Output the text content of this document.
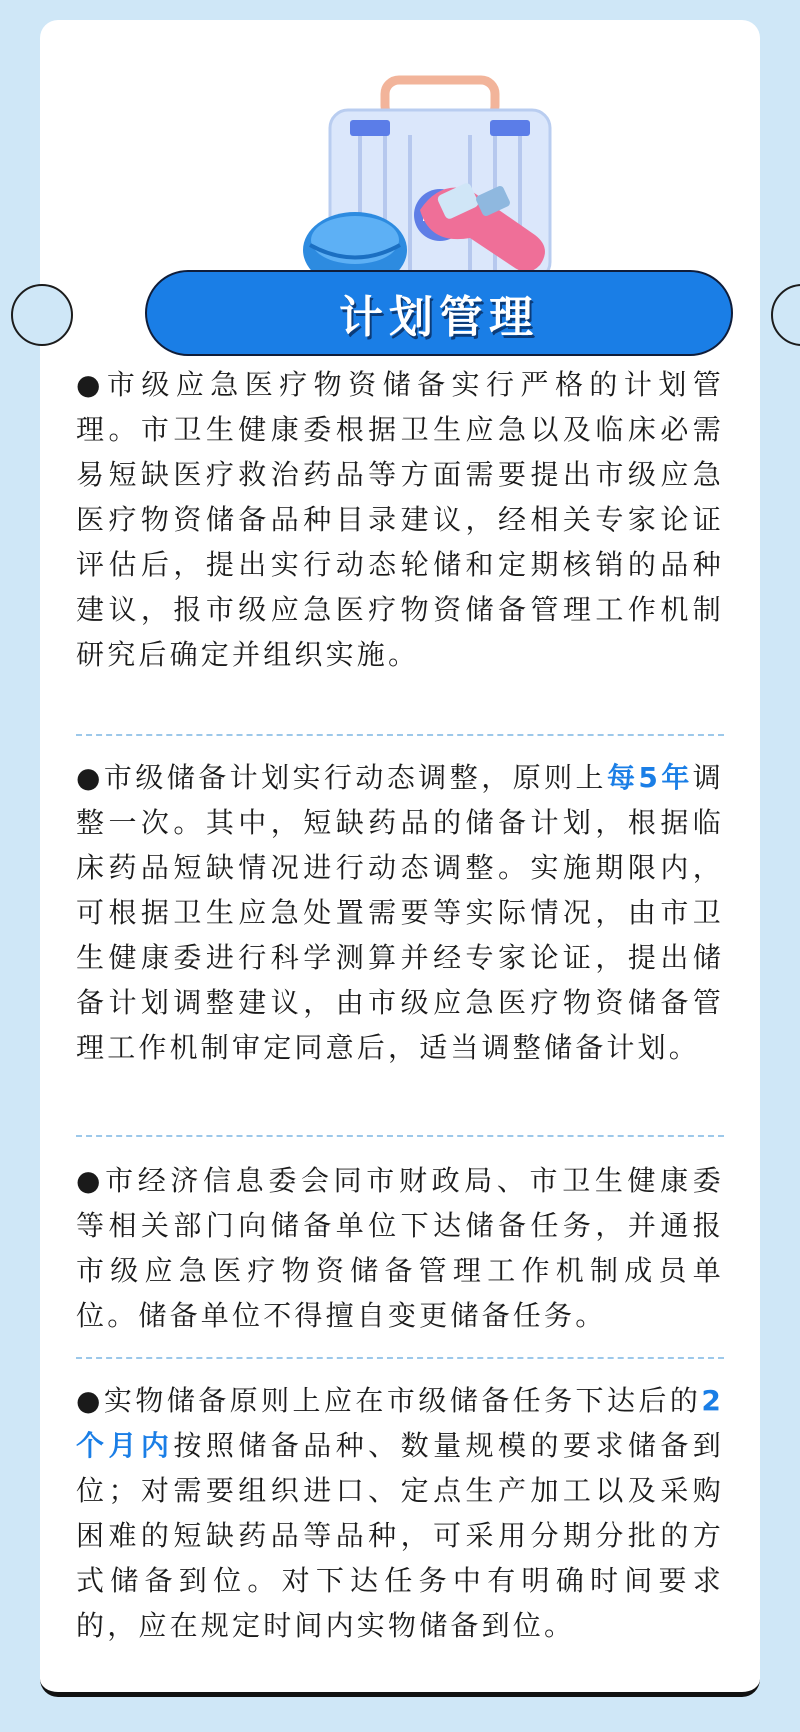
计划管理
●市级应急医疗物资储备实行严格的计划管理。市卫生健康委根据卫生应急以及临床必需易短缺医疗救治药品等方面需要提出市级应急医疗物资储备品种目录建议，经相关专家论证评估后，提出实行动态轮储和定期核销的品种建议，报市级应急医疗物资储备管理工作机制研究后确定并组织实施。
●市级储备计划实行动态调整，原则上每5年调整一次。其中，短缺药品的储备计划，根据临床药品短缺情况进行动态调整。实施期限内，可根据卫生应急处置需要等实际情况，由市卫生健康委进行科学测算并经专家论证，提出储备计划调整建议，由市级应急医疗物资储备管理工作机制审定同意后，适当调整储备计划。
●市经济信息委会同市财政局、市卫生健康委等相关部门向储备单位下达储备任务，并通报市级应急医疗物资储备管理工作机制成员单位。储备单位不得擅自变更储备任务。
●实物储备原则上应在市级储备任务下达后的2个月内按照储备品种、数量规模的要求储备到位；对需要组织进口、定点生产加工以及采购困难的短缺药品等品种，可采用分期分批的方式储备到位。对下达任务中有明确时间要求的，应在规定时间内实物储备到位。
